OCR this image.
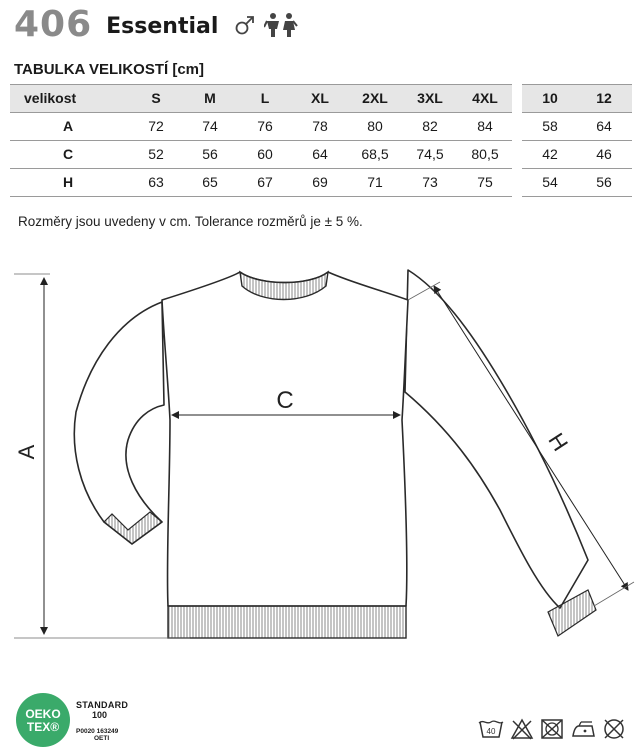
406 Essential
TABULKA VELIKOSTÍ [cm]
velikost	S	M	L	XL	2XL	3XL	4XL	10	12
A	72	74	76	78	80	82	84	58	64
C	52	56	60	64	68,5	74,5	80,5	42	46
H	63	65	67	69	71	73	75	54	56
Rozměry jsou uvedeny v cm. Tolerance rozměrů je ± 5 %.
A
C
H
OEKO
TEX®
STANDARD
100
P0020 163249
OETI
40
